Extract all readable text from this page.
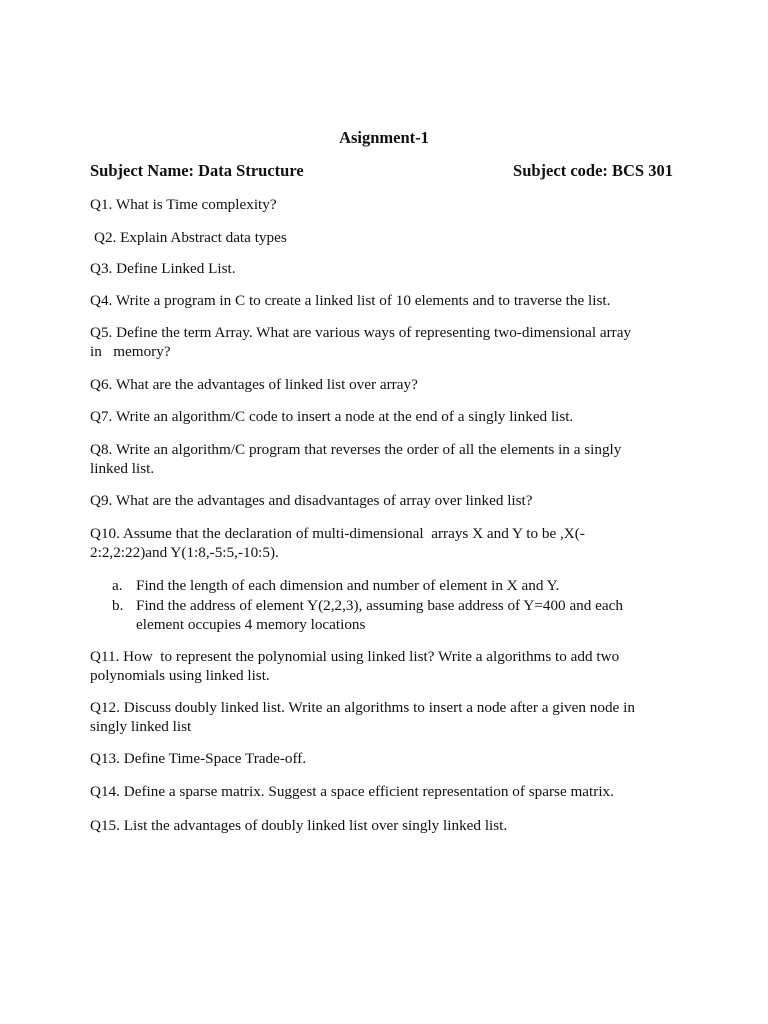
Asignment-1
Subject Name: Data Structure	Subject code: BCS 301
Q1. What is Time complexity?
Q2. Explain Abstract data types
Q3. Define Linked List.
Q4. Write a program in C to create a linked list of 10 elements and to traverse the list.
Q5. Define the term Array. What are various ways of representing two-dimensional array
in   memory?
Q6. What are the advantages of linked list over array?
Q7. Write an algorithm/C code to insert a node at the end of a singly linked list.
Q8. Write an algorithm/C program that reverses the order of all the elements in a singly
linked list.
Q9. What are the advantages and disadvantages of array over linked list?
Q10. Assume that the declaration of multi-dimensional  arrays X and Y to be ,X(-
2:2,2:22)and Y(1:8,-5:5,-10:5).
a. Find the length of each dimension and number of element in X and Y.
b. Find the address of element Y(2,2,3), assuming base address of Y=400 and each
element occupies 4 memory locations
Q11. How  to represent the polynomial using linked list? Write a algorithms to add two
polynomials using linked list.
Q12. Discuss doubly linked list. Write an algorithms to insert a node after a given node in
singly linked list
Q13. Define Time-Space Trade-off.
Q14. Define a sparse matrix. Suggest a space efficient representation of sparse matrix.
Q15. List the advantages of doubly linked list over singly linked list.
